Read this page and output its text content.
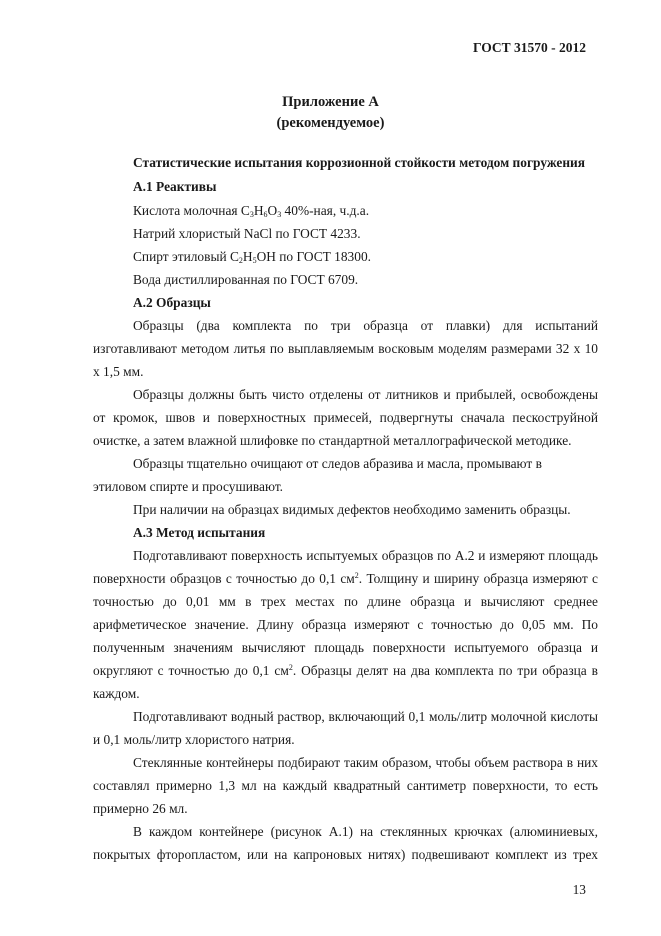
ГОСТ 31570 - 2012
Приложение А
(рекомендуемое)
Статистические испытания коррозионной стойкости методом погружения
А.1 Реактивы
Кислота молочная $C_3H_6O_3$ 40%-ная, ч.д.а.
Натрий хлористый NaCl по ГОСТ 4233.
Спирт этиловый $C_2H_5OH$ по ГОСТ 18300.
Вода дистиллированная по ГОСТ 6709.
А.2 Образцы
Образцы (два комплекта по три образца от плавки) для испытаний
изготавливают методом литья по выплавляемым восковым моделям размерами 32 х 10
х 1,5 мм.
Образцы должны быть чисто отделены от литников и прибылей, освобождены
от кромок, швов и поверхностных примесей, подвергнуты сначала пескоструйной
очистке, а затем влажной шлифовке по стандартной металлографической методике.
Образцы тщательно очищают от следов абразива и масла, промывают в
этиловом спирте и просушивают.
При наличии на образцах видимых дефектов необходимо заменить образцы.
А.3 Метод испытания
Подготавливают поверхность испытуемых образцов по А.2 и измеряют площадь
поверхности образцов с точностью до 0,1 $см^2$. Толщину и ширину образца измеряют с
точностью до 0,01 мм в трех местах по длине образца и вычисляют среднее
арифметическое значение. Длину образца измеряют с точностью до 0,05 мм. По
полученным значениям вычисляют площадь поверхности испытуемого образца и
округляют с точностью до 0,1 $см^2$. Образцы делят на два комплекта по три образца в
каждом.
Подготавливают водный раствор, включающий 0,1 моль/литр молочной кислоты
и 0,1 моль/литр хлористого натрия.
Стеклянные контейнеры подбирают таким образом, чтобы объем раствора в них
составлял примерно 1,3 мл на каждый квадратный сантиметр поверхности, то есть
примерно 26 мл.
В каждом контейнере (рисунок А.1) на стеклянных крючках (алюминиевых,
покрытых фторопластом, или на капроновых нитях) подвешивают комплект из трех
13
